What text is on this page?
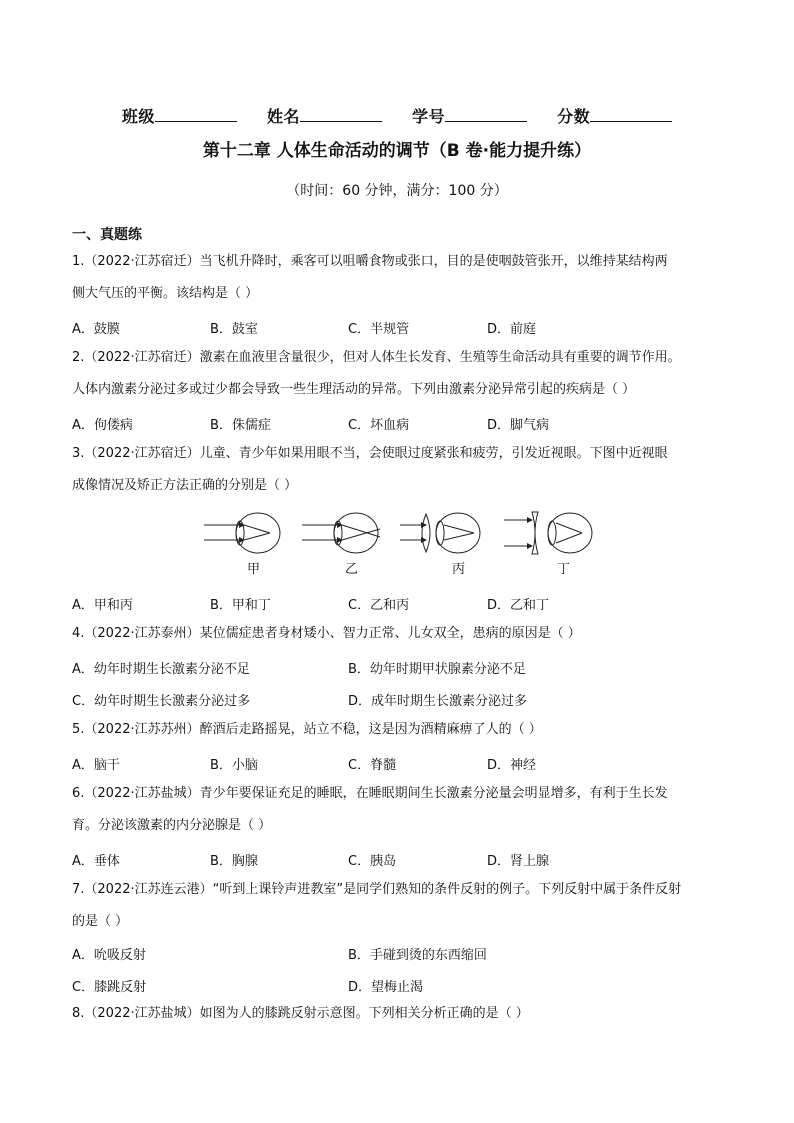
班级	姓名	学号	分数
第十二章 人体生命活动的调节（B 卷·能力提升练）
（时间：60 分钟，满分：100 分）
一、真题练
1.（2022·江苏宿迁）当飞机升降时，乘客可以咀嚼食物或张口，目的是使咽鼓管张开，以维持某结构两
侧大气压的平衡。该结构是（ ）
A．鼓膜	B．鼓室	C．半规管	D．前庭
2.（2022·江苏宿迁）激素在血液里含量很少，但对人体生长发育、生殖等生命活动具有重要的调节作用。
人体内激素分泌过多或过少都会导致一些生理活动的异常。下列由激素分泌异常引起的疾病是（ ）
A．佝偻病	B．侏儒症	C．坏血病	D．脚气病
3.（2022·江苏宿迁）儿童、青少年如果用眼不当，会使眼过度紧张和疲劳，引发近视眼。下图中近视眼
成像情况及矫正方法正确的分别是（ ）
甲	乙	丙	丁
A．甲和丙	B．甲和丁	C．乙和丙	D．乙和丁
4.（2022·江苏泰州）某位儒症患者身材矮小、智力正常、儿女双全，患病的原因是（ ）
A．幼年时期生长激素分泌不足	B．幼年时期甲状腺素分泌不足
C．幼年时期生长激素分泌过多	D．成年时期生长激素分泌过多
5.（2022·江苏苏州）醉酒后走路摇晃，站立不稳，这是因为酒精麻痹了人的（ ）
A．脑干	B．小脑	C．脊髓	D．神经
6.（2022·江苏盐城）青少年要保证充足的睡眠，在睡眠期间生长激素分泌量会明显增多，有利于生长发
育。分泌该激素的内分泌腺是（ ）
A．垂体	B．胸腺	C．胰岛	D．肾上腺
7.（2022·江苏连云港）“听到上课铃声进教室”是同学们熟知的条件反射的例子。下列反射中属于条件反射
的是（ ）
A．吮吸反射	B．手碰到烫的东西缩回
C．膝跳反射	D．望梅止渴
8.（2022·江苏盐城）如图为人的膝跳反射示意图。下列相关分析正确的是（ ）
